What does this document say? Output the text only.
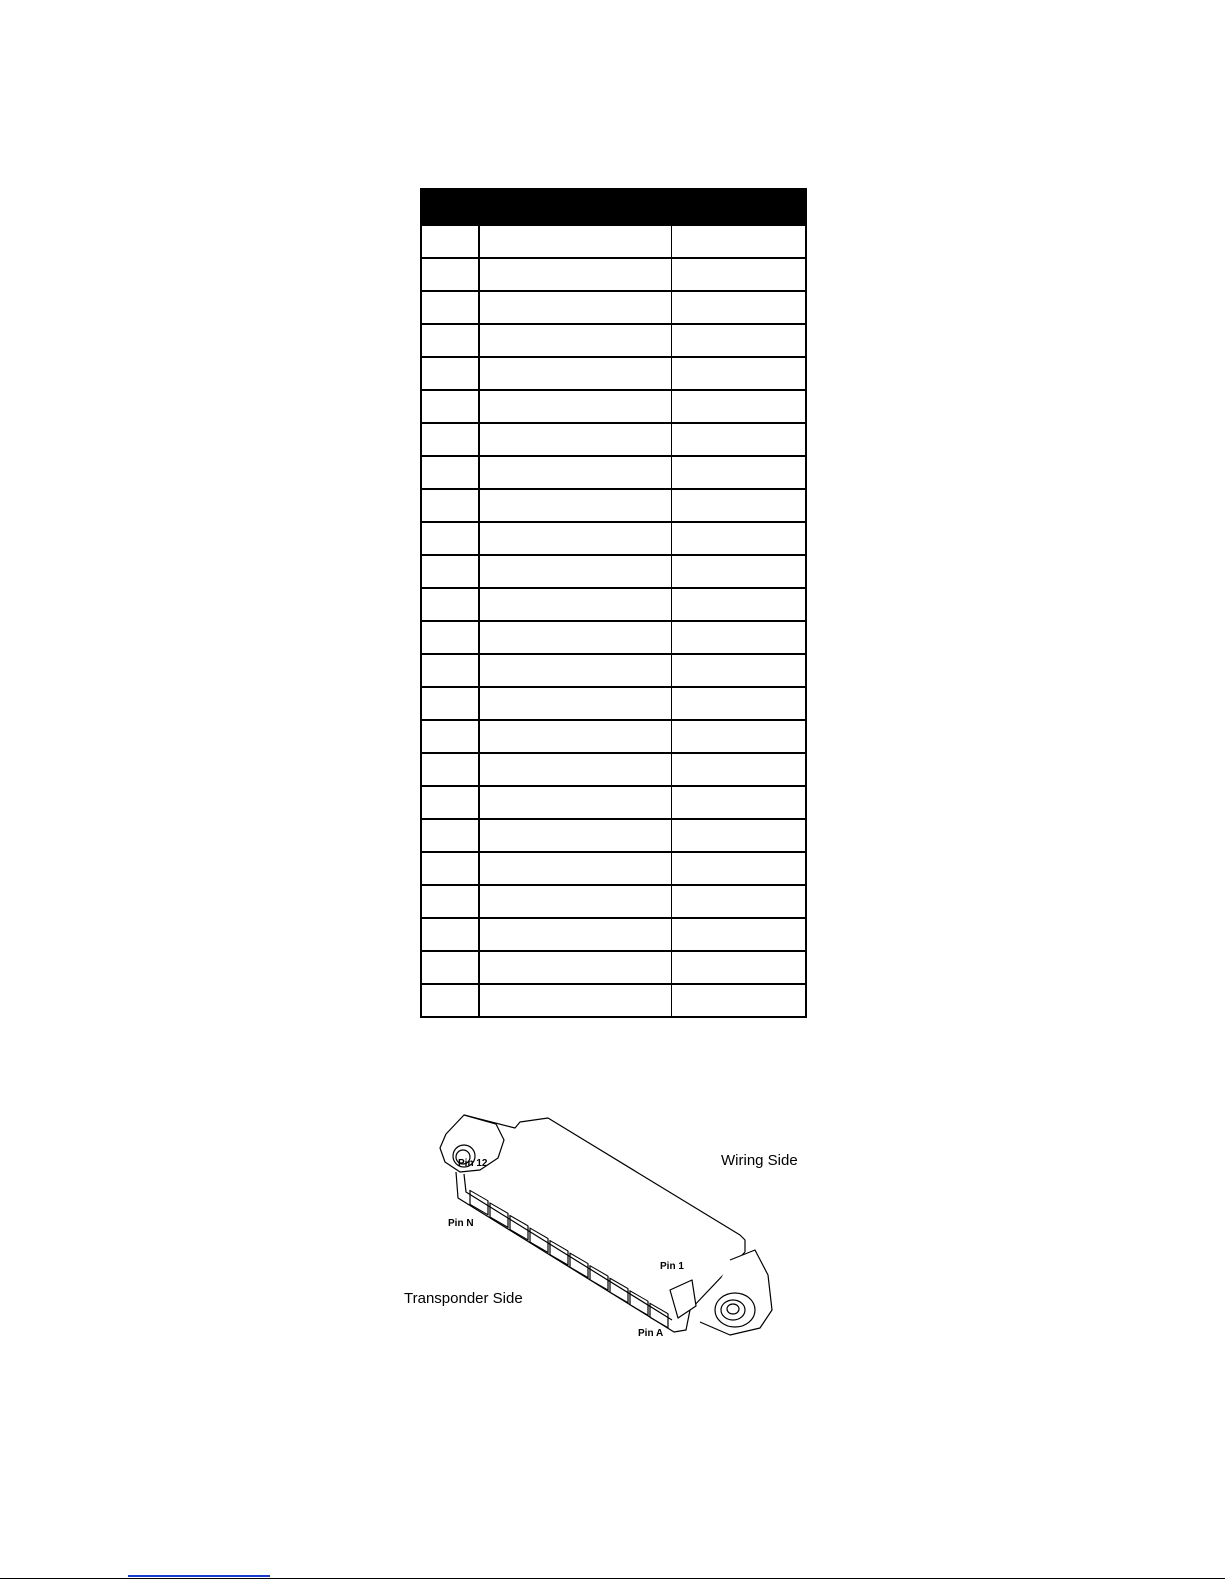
Wiring Side
Transponder Side
Pin 12
Pin N
Pin 1
Pin A
